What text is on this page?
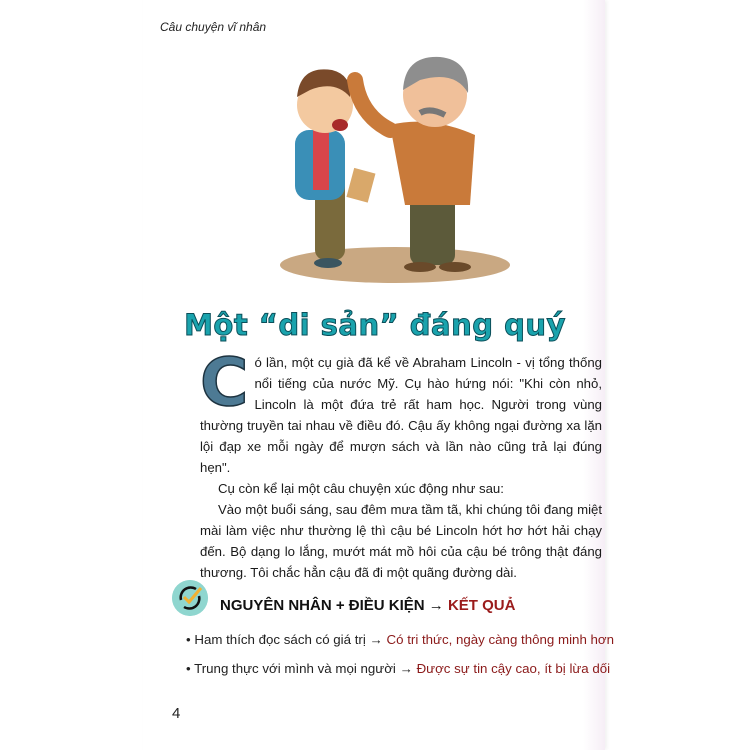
Câu chuyện vĩ nhân
Một “di sản” đáng quý
C ó lần, một cụ già đã kể về Abraham Lincoln - vị tổng thống nổi tiếng của nước Mỹ. Cụ hào hứng nói: "Khi còn nhỏ, Lincoln là một đứa trẻ rất ham học. Người trong vùng thường truyền tai nhau về điều đó. Cậu ấy không ngại đường xa lặn lội đạp xe mỗi ngày để mượn sách và lần nào cũng trả lại đúng hẹn".

Cụ còn kể lại một câu chuyện xúc động như sau:

Vào một buổi sáng, sau đêm mưa tầm tã, khi chúng tôi đang miệt mài làm việc như thường lệ thì cậu bé Lincoln hớt hơ hớt hải chạy đến. Bộ dạng lo lắng, mướt mát mồ hôi của cậu bé trông thật đáng thương. Tôi chắc hẳn cậu đã đi một quãng đường dài.

NGUYÊN NHÂN + ĐIỀU KIỆN → KẾT QUẢ
• Ham thích đọc sách có giá trị → Có tri thức, ngày càng thông minh hơn
• Trung thực với mình và mọi người → Được sự tin cậy cao, ít bị lừa dối
4
